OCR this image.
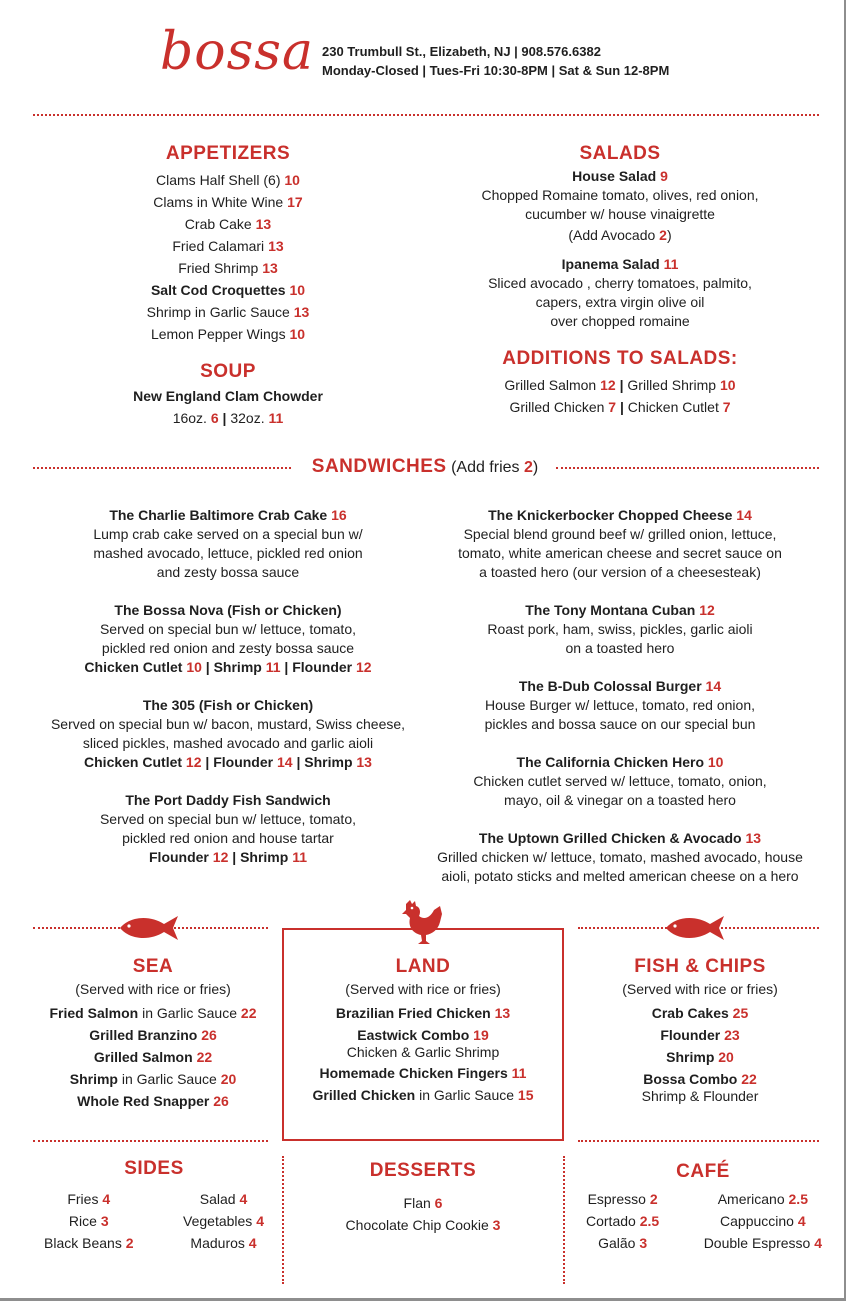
bossa 230 Trumbull St., Elizabeth, NJ | 908.576.6382
Monday-Closed | Tues-Fri 10:30-8PM | Sat & Sun 12-8PM
APPETIZERS
Clams Half Shell (6) 10
Clams in White Wine 17
Crab Cake 13
Fried Calamari 13
Fried Shrimp 13
Salt Cod Croquettes 10
Shrimp in Garlic Sauce 13
Lemon Pepper Wings 10
SOUP
New England Clam Chowder
16oz. 6 | 32oz. 11
SALADS
House Salad 9
Chopped Romaine tomato, olives, red onion,
cucumber w/ house vinaigrette
(Add Avocado 2)
Ipanema Salad 11
Sliced avocado , cherry tomatoes, palmito,
capers, extra virgin olive oil
over chopped romaine
ADDITIONS TO SALADS:
Grilled Salmon 12 | Grilled Shrimp 10
Grilled Chicken 7 | Chicken Cutlet 7
SANDWICHES (Add fries 2)
The Charlie Baltimore Crab Cake 16
Lump crab cake served on a special bun w/
mashed avocado, lettuce, pickled red onion
and zesty bossa sauce
The Bossa Nova (Fish or Chicken)
Served on special bun w/ lettuce, tomato,
pickled red onion and zesty bossa sauce
Chicken Cutlet 10 | Shrimp 11 | Flounder 12
The 305 (Fish or Chicken)
Served on special bun w/ bacon, mustard, Swiss cheese,
sliced pickles, mashed avocado and garlic aioli
Chicken Cutlet 12 | Flounder 14 | Shrimp 13
The Port Daddy Fish Sandwich
Served on special bun w/ lettuce, tomato,
pickled red onion and house tartar
Flounder 12 | Shrimp 11
The Knickerbocker Chopped Cheese 14
Special blend ground beef w/ grilled onion, lettuce,
tomato, white american cheese and secret sauce on
a toasted hero (our version of a cheesesteak)
The Tony Montana Cuban 12
Roast pork, ham, swiss, pickles, garlic aioli
on a toasted hero
The B-Dub Colossal Burger 14
House Burger w/ lettuce, tomato, red onion,
pickles and bossa sauce on our special bun
The California Chicken Hero 10
Chicken cutlet served w/ lettuce, tomato, onion,
mayo, oil & vinegar on a toasted hero
The Uptown Grilled Chicken & Avocado 13
Grilled chicken w/ lettuce, tomato, mashed avocado, house
aioli, potato sticks and melted american cheese on a hero
SEA
(Served with rice or fries)
Fried Salmon in Garlic Sauce 22
Grilled Branzino 26
Grilled Salmon 22
Shrimp in Garlic Sauce 20
Whole Red Snapper 26
LAND
(Served with rice or fries)
Brazilian Fried Chicken 13
Eastwick Combo 19
Chicken & Garlic Shrimp
Homemade Chicken Fingers 11
Grilled Chicken in Garlic Sauce 15
FISH & CHIPS
(Served with rice or fries)
Crab Cakes 25
Flounder 23
Shrimp 20
Bossa Combo 22
Shrimp & Flounder
SIDES
Fries 4
Rice 3
Black Beans 2
Salad 4
Vegetables 4
Maduros 4
DESSERTS
Flan 6
Chocolate Chip Cookie 3
CAFÉ
Espresso 2
Cortado 2.5
Galão 3
Americano 2.5
Cappuccino 4
Double Espresso 4
